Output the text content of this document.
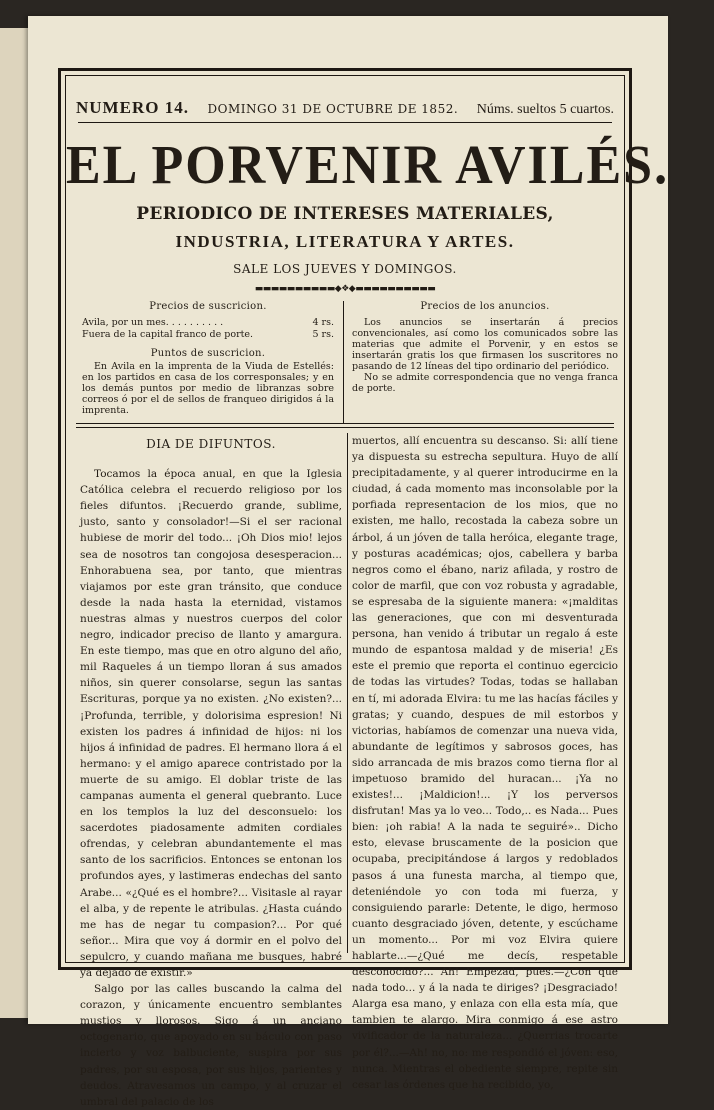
NUMERO 14. DOMINGO 31 DE OCTUBRE DE 1852. Núms. sueltos 5 cuartos.
EL PORVENIR AVILÉS.
PERIODICO DE INTERESES MATERIALES,
INDUSTRIA, LITERATURA Y ARTES.
SALE LOS JUEVES Y DOMINGOS.
▬▬▬▬▬▬▬▬▬▬◆❖◆▬▬▬▬▬▬▬▬▬▬
Precios de suscricion.
Avila, por un mes. . . . . . . . . .	4 rs.
Fuera de la capital franco de porte.	5 rs.
Puntos de suscricion.
En Avila en la imprenta de la Viuda de Estellés: en los partidos en casa de los corresponsales; y en los demás puntos por medio de libranzas sobre correos ó por el de sellos de franqueo dirigidos á la imprenta.
Precios de los anuncios.
Los anuncios se insertarán á precios convencionales, así como los comunicados sobre las materias que admite el Porvenir, y en estos se insertarán gratis los que firmasen los suscritores no pasando de 12 líneas del tipo ordinario del periódico.
No se admite correspondencia que no venga franca de porte.
DIA DE DIFUNTOS.

Tocamos la época anual, en que la Iglesia Católica celebra el recuerdo religioso por los fieles difuntos. ¡Recuerdo grande, sublime, justo, santo y consolador!—Si el ser racional hubiese de morir del todo... ¡Oh Dios mio! lejos sea de nosotros tan congojosa desesperacion... Enhorabuena sea, por tanto, que mientras viajamos por este gran tránsito, que conduce desde la nada hasta la eternidad, vistamos nuestras almas y nuestros cuerpos del color negro, indicador preciso de llanto y amargura. En este tiempo, mas que en otro alguno del año, mil Raqueles á un tiempo lloran á sus amados niños, sin querer consolarse, segun las santas Escrituras, porque ya no existen. ¿No existen?... ¡Profunda, terrible, y dolorisima espresion! Ni existen los padres á infinidad de hijos: ni los hijos á infinidad de padres. El hermano llora á el hermano: y el amigo aparece contristado por la muerte de su amigo. El doblar triste de las campanas aumenta el general quebranto. Luce en los templos la luz del desconsuelo: los sacerdotes piadosamente admiten cordiales ofrendas, y celebran abundantemente el mas santo de los sacrificios. Entonces se entonan los profundos ayes, y lastimeras endechas del santo Arabe... «¿Qué es el hombre?... Visitasle al rayar el alba, y de repente le atribulas. ¿Hasta cuándo me has de negar tu compasion?... Por qué señor... Mira que voy á dormir en el polvo del sepulcro, y cuando mañana me busques, habré ya dejado de existir.»

Salgo por las calles buscando la calma del corazon, y únicamente encuentro semblantes mustios y llorosos. Sigo á un anciano octogenario, que apoyado en su báculo con paso incierto y voz balbuciente, suspira por sus padres, por su esposa, por sus hijos, parientes y deudos. Atravesamos un campo, y al cruzar el umbral del palacio de los

muertos, allí encuentra su descanso. Si: allí tiene ya dispuesta su estrecha sepultura. Huyo de allí precipitadamente, y al querer introducirme en la ciudad, á cada momento mas inconsolable por la porfiada representacion de los mios, que no existen, me hallo, recostada la cabeza sobre un árbol, á un jóven de talla heróica, elegante trage, y posturas académicas; ojos, cabellera y barba negros como el ébano, nariz afilada, y rostro de color de marfil, que con voz robusta y agradable, se espresaba de la siguiente manera: «¡malditas las generaciones, que con mi desventurada persona, han venido á tributar un regalo á este mundo de espantosa maldad y de miseria! ¿Es este el premio que reporta el continuo egercicio de todas las virtudes? Todas, todas se hallaban en tí, mi adorada Elvira: tu me las hacías fáciles y gratas; y cuando, despues de mil estorbos y victorias, habíamos de comenzar una nueva vida, abundante de legítimos y sabrosos goces, has sido arrancada de mis brazos como tierna flor al impetuoso bramido del huracan... ¡Ya no existes!... ¡Maldicion!... ¡Y los perversos disfrutan! Mas ya lo veo... Todo,.. es Nada... Pues bien: ¡oh rabia! A la nada te seguiré».. Dicho esto, elevase bruscamente de la posicion que ocupaba, precipitándose á largos y redoblados pasos á una funesta marcha, al tiempo que, deteniéndole yo con toda mi fuerza, y consiguiendo pararle: Detente, le digo, hermoso cuanto desgraciado jóven, detente, y escúchame un momento... Por mi voz Elvira quiere hablarte...—¿Qué me decís, respetable desconocido?... Ah! Empezad, pues.—¿Con que nada todo... y á la nada te diriges? ¡Desgraciado! Alarga esa mano, y enlaza con ella esta mía, que tambien te alargo. Mira conmigo á ese astro vivificador de la naturaleza... ¿Querrias trocarte por él?...—Ah! no, no: me respondió el jóven: eso, nunca. Mientras el obediente siempre, repite sin cesar las órdenes que ha recibido, yo,
